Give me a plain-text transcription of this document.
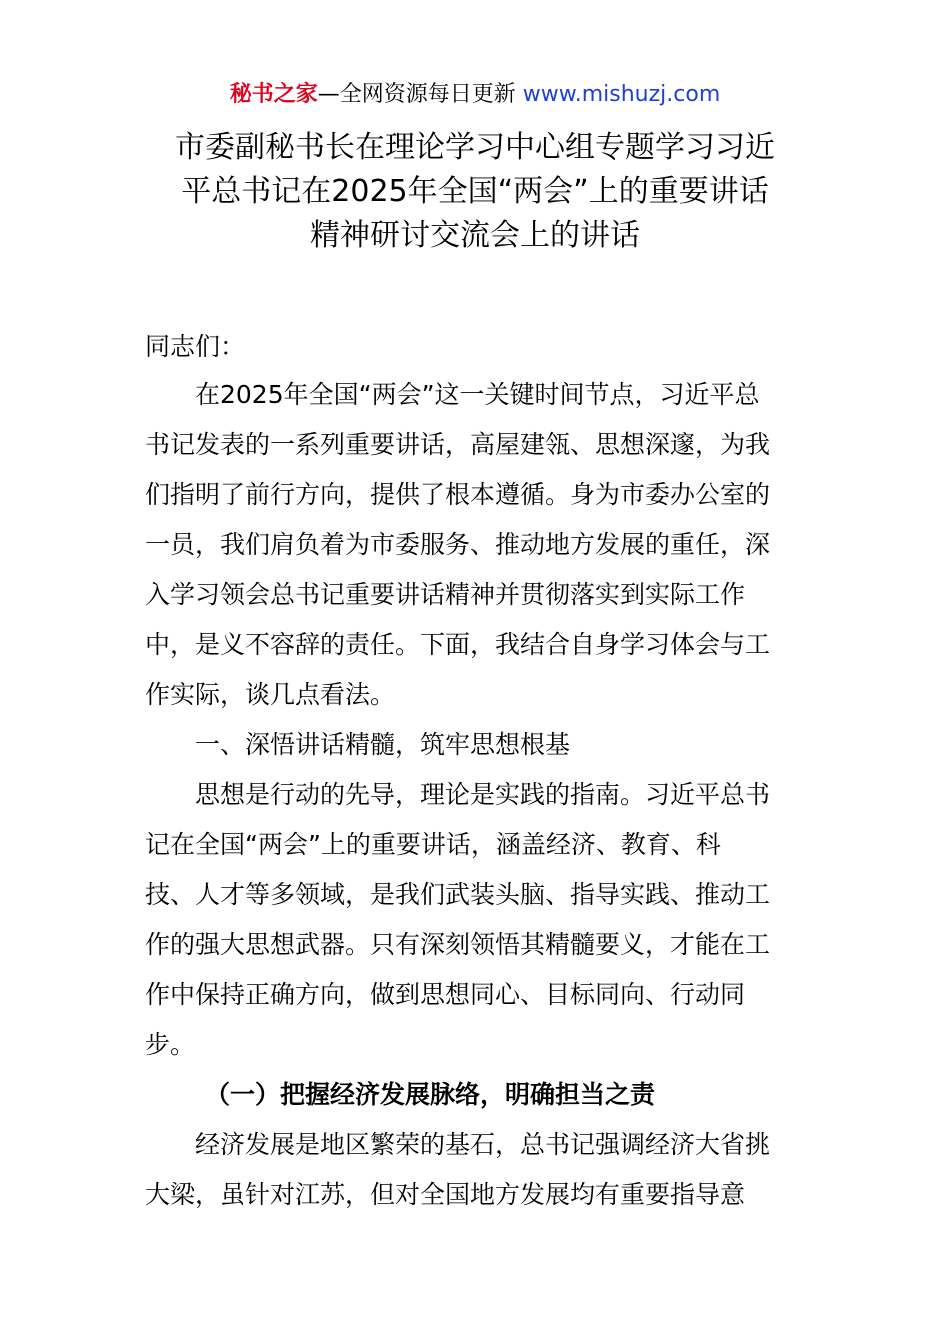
秘书之家—全网资源每日更新 www.mishuzj.com
市委副秘书长在理论学习中心组专题学习习近
平总书记在2025年全国“两会”上的重要讲话
精神研讨交流会上的讲话
同志们：
　　在2025年全国“两会”这一关键时间节点，习近平总
书记发表的一系列重要讲话，高屋建瓴、思想深邃，为我
们指明了前行方向，提供了根本遵循。身为市委办公室的
一员，我们肩负着为市委服务、推动地方发展的重任，深
入学习领会总书记重要讲话精神并贯彻落实到实际工作
中，是义不容辞的责任。下面，我结合自身学习体会与工
作实际，谈几点看法。
　　一、深悟讲话精髓，筑牢思想根基
　　思想是行动的先导，理论是实践的指南。习近平总书
记在全国“两会”上的重要讲话，涵盖经济、教育、科
技、人才等多领域，是我们武装头脑、指导实践、推动工
作的强大思想武器。只有深刻领悟其精髓要义，才能在工
作中保持正确方向，做到思想同心、目标同向、行动同
步。
（一）把握经济发展脉络，明确担当之责
　　经济发展是地区繁荣的基石，总书记强调经济大省挑
大梁，虽针对江苏，但对全国地方发展均有重要指导意
